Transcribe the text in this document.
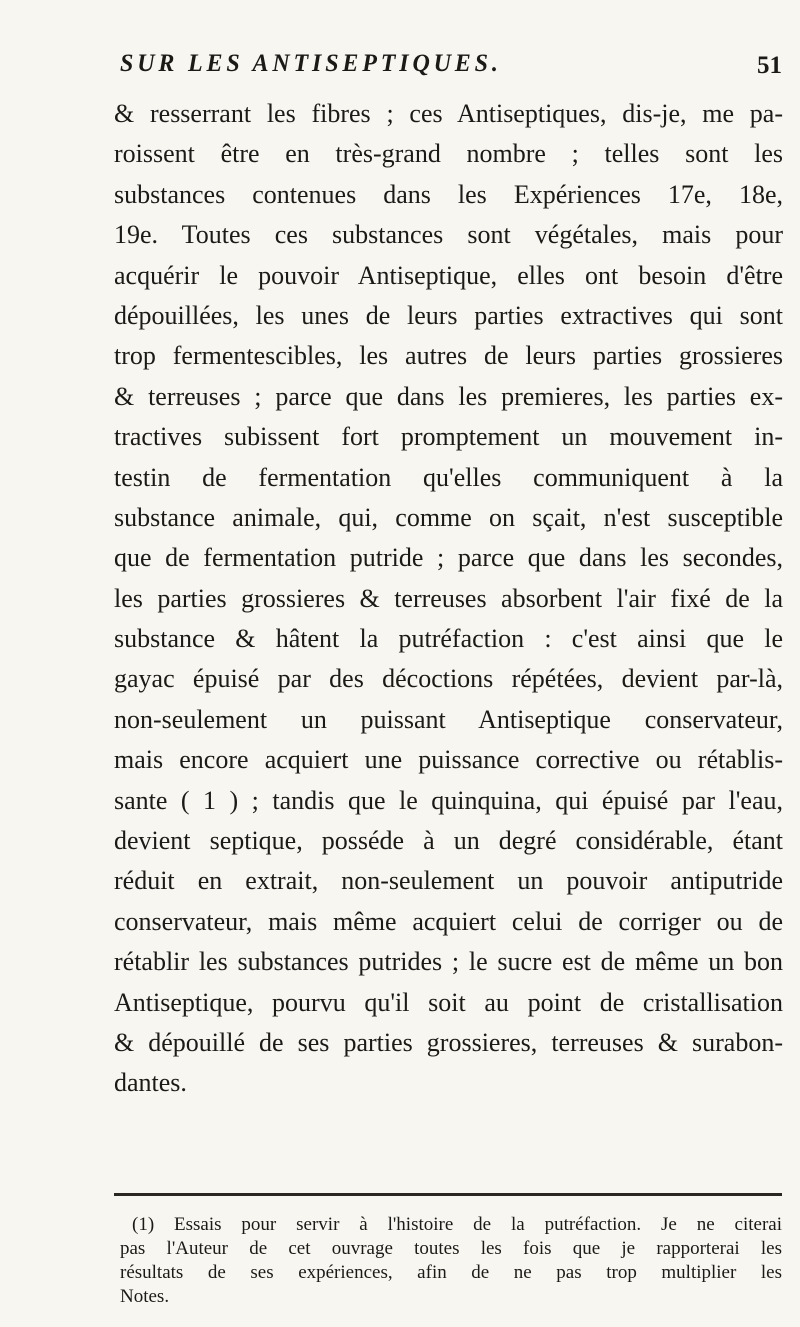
SUR LES ANTISEPTIQUES.	51
& resserrant les fibres ; ces Antiseptiques, dis-je, me pa-
roissent être en très-grand nombre ; telles sont les
substances contenues dans les Expériences 17e, 18e,
19e. Toutes ces substances sont végétales, mais pour
acquérir le pouvoir Antiseptique, elles ont besoin d'être
dépouillées, les unes de leurs parties extractives qui sont
trop fermentescibles, les autres de leurs parties grossieres
& terreuses ; parce que dans les premieres, les parties ex-
tractives subissent fort promptement un mouvement in-
testin de fermentation qu'elles communiquent à la
substance animale, qui, comme on sçait, n'est susceptible
que de fermentation putride ; parce que dans les secondes,
les parties grossieres & terreuses absorbent l'air fixé de la
substance & hâtent la putréfaction : c'est ainsi que le
gayac épuisé par des décoctions répétées, devient par-là,
non-seulement un puissant Antiseptique conservateur,
mais encore acquiert une puissance corrective ou rétablis-
sante ( 1 ) ; tandis que le quinquina, qui épuisé par l'eau,
devient septique, posséde à un degré considérable, étant
réduit en extrait, non-seulement un pouvoir antiputride
conservateur, mais même acquiert celui de corriger ou de
rétablir les substances putrides ; le sucre est de même un bon
Antiseptique, pourvu qu'il soit au point de cristallisation
& dépouillé de ses parties grossieres, terreuses & surabon-
dantes.
(1) Essais pour servir à l'histoire de la putréfaction. Je ne citerai
pas l'Auteur de cet ouvrage toutes les fois que je rapporterai les
résultats de ses expériences, afin de ne pas trop multiplier les
Notes.
